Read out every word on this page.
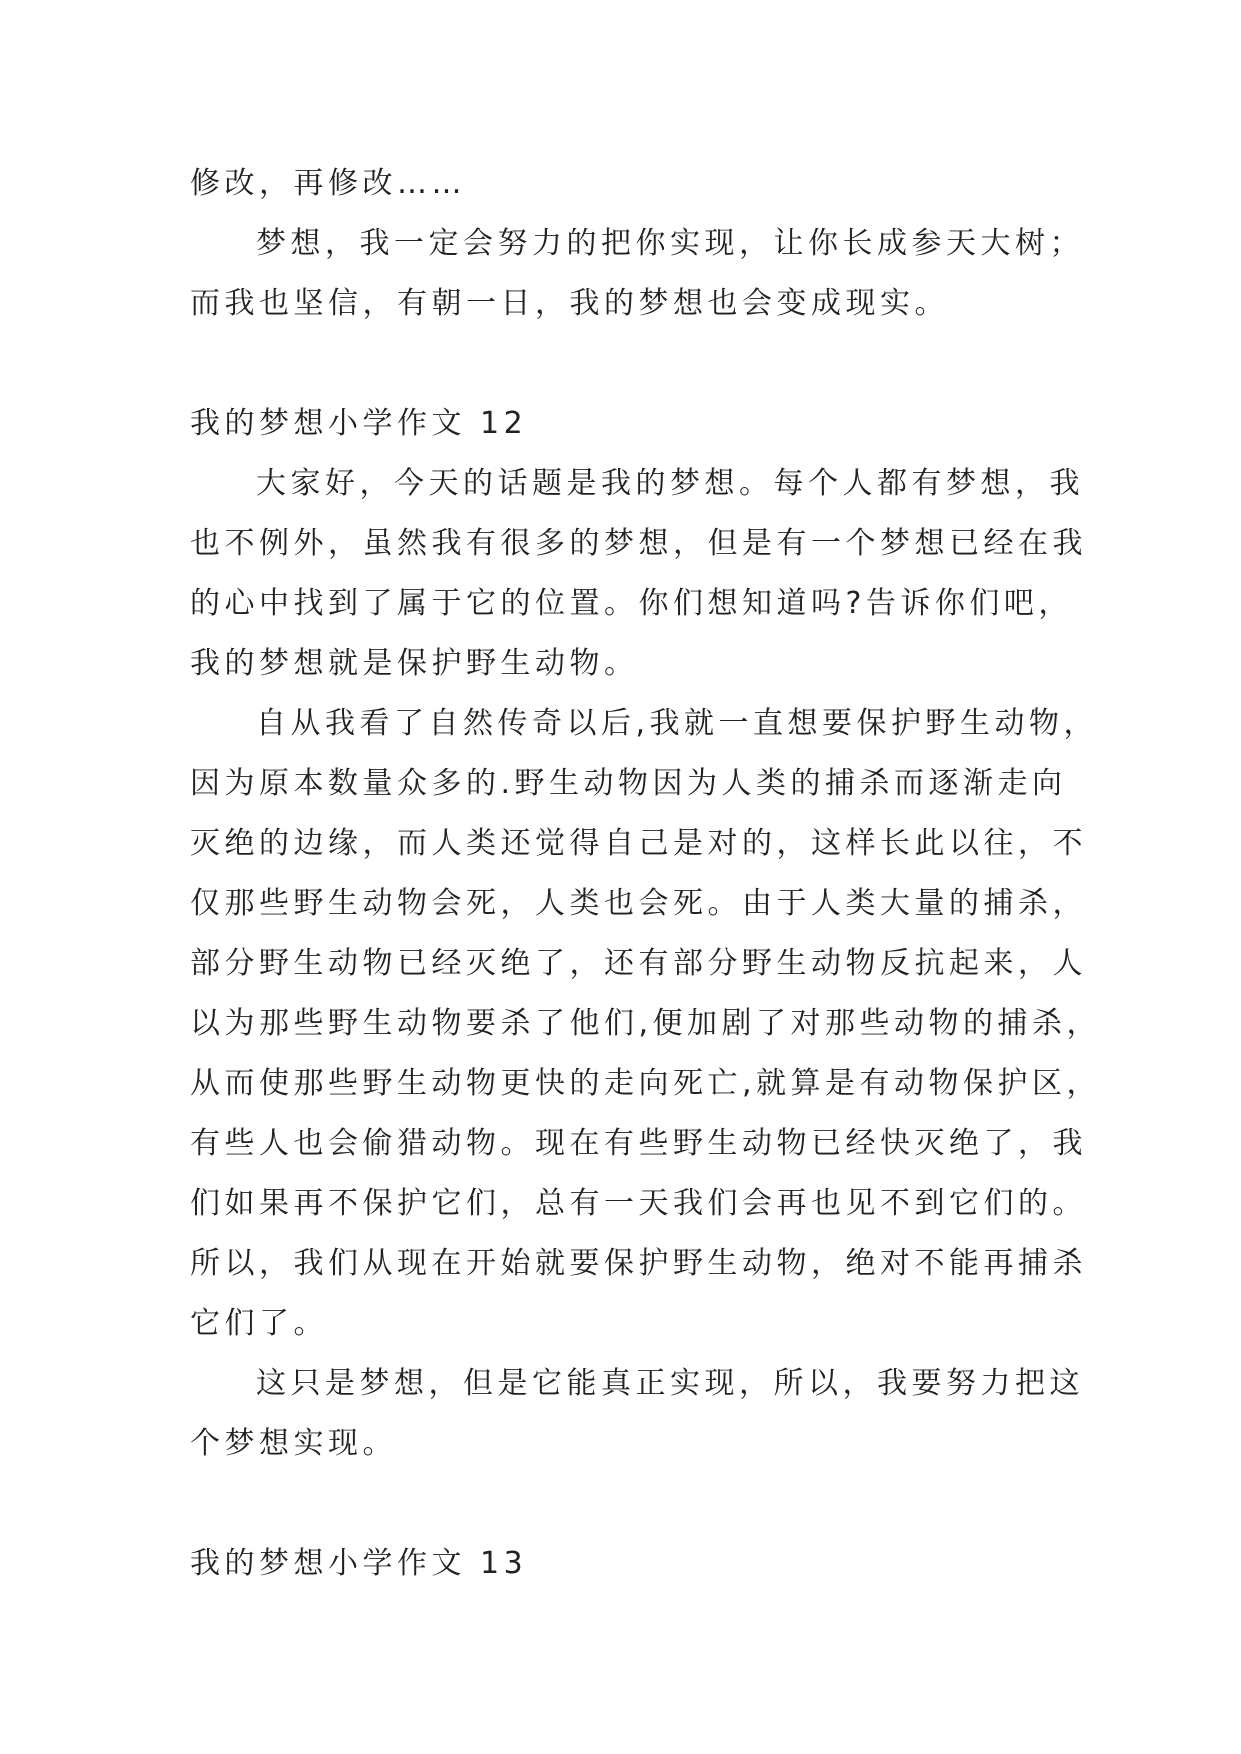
修改，再修改……
梦想，我一定会努力的把你实现，让你长成参天大树；
而我也坚信，有朝一日，我的梦想也会变成现实。
我的梦想小学作文 12
大家好，今天的话题是我的梦想。每个人都有梦想，我
也不例外，虽然我有很多的梦想，但是有一个梦想已经在我
的心中找到了属于它的位置。你们想知道吗?告诉你们吧，
我的梦想就是保护野生动物。
自从我看了自然传奇以后,我就一直想要保护野生动物，
因为原本数量众多的.野生动物因为人类的捕杀而逐渐走向
灭绝的边缘，而人类还觉得自己是对的，这样长此以往，不
仅那些野生动物会死，人类也会死。由于人类大量的捕杀，
部分野生动物已经灭绝了，还有部分野生动物反抗起来，人
以为那些野生动物要杀了他们,便加剧了对那些动物的捕杀，
从而使那些野生动物更快的走向死亡,就算是有动物保护区，
有些人也会偷猎动物。现在有些野生动物已经快灭绝了，我
们如果再不保护它们，总有一天我们会再也见不到它们的。
所以，我们从现在开始就要保护野生动物，绝对不能再捕杀
它们了。
这只是梦想，但是它能真正实现，所以，我要努力把这
个梦想实现。
我的梦想小学作文 13
